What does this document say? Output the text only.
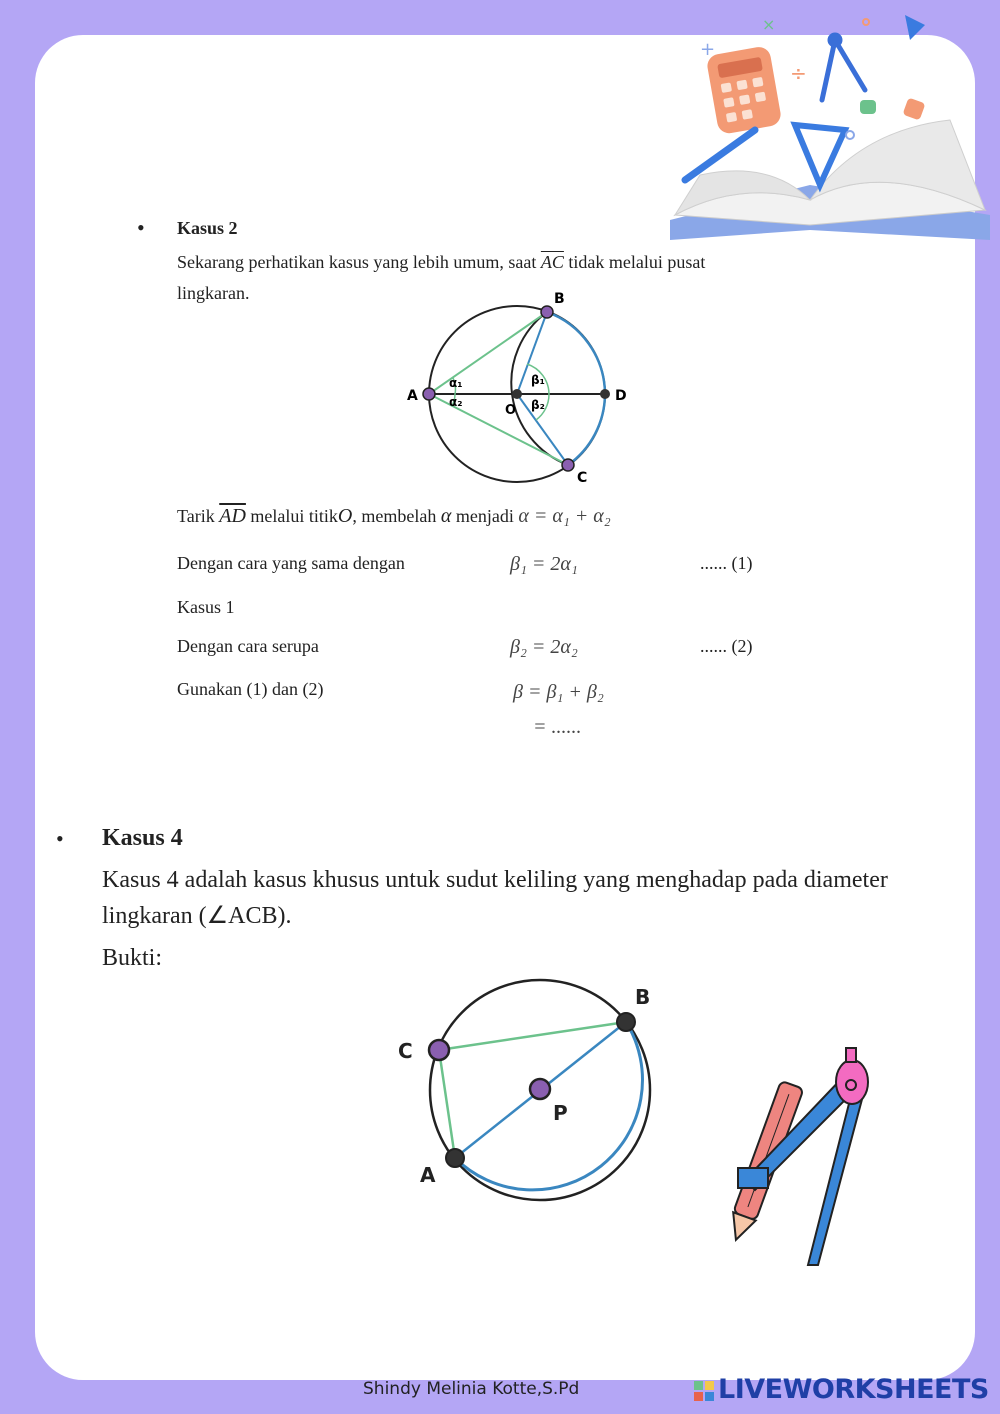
+
÷
×
• Kasus 2
Sekarang perhatikan kasus yang lebih umum, saat $\overline{AC}$ tidak melalui pusat
lingkaran.
A
B
C
D
O
α₁
α₂
β₁
β₂
Tarik $\overline{AD}$ melalui titikO, membelah α menjadi α = α₁ + α₂
Dengan cara yang sama dengan	β₁ = 2α₁	...... (1)
Kasus 1
Dengan cara serupa	β₂ = 2α₂	...... (2)
Gunakan (1) dan (2)	β = β₁ + β₂
= ......
• Kasus 4
Kasus 4 adalah kasus khusus untuk sudut keliling yang menghadap pada diameter
lingkaran (∠ACB).
Bukti:
C
B
A
P
Shindy Melinia Kotte,S.Pd	LIVEWORKSHEETS
